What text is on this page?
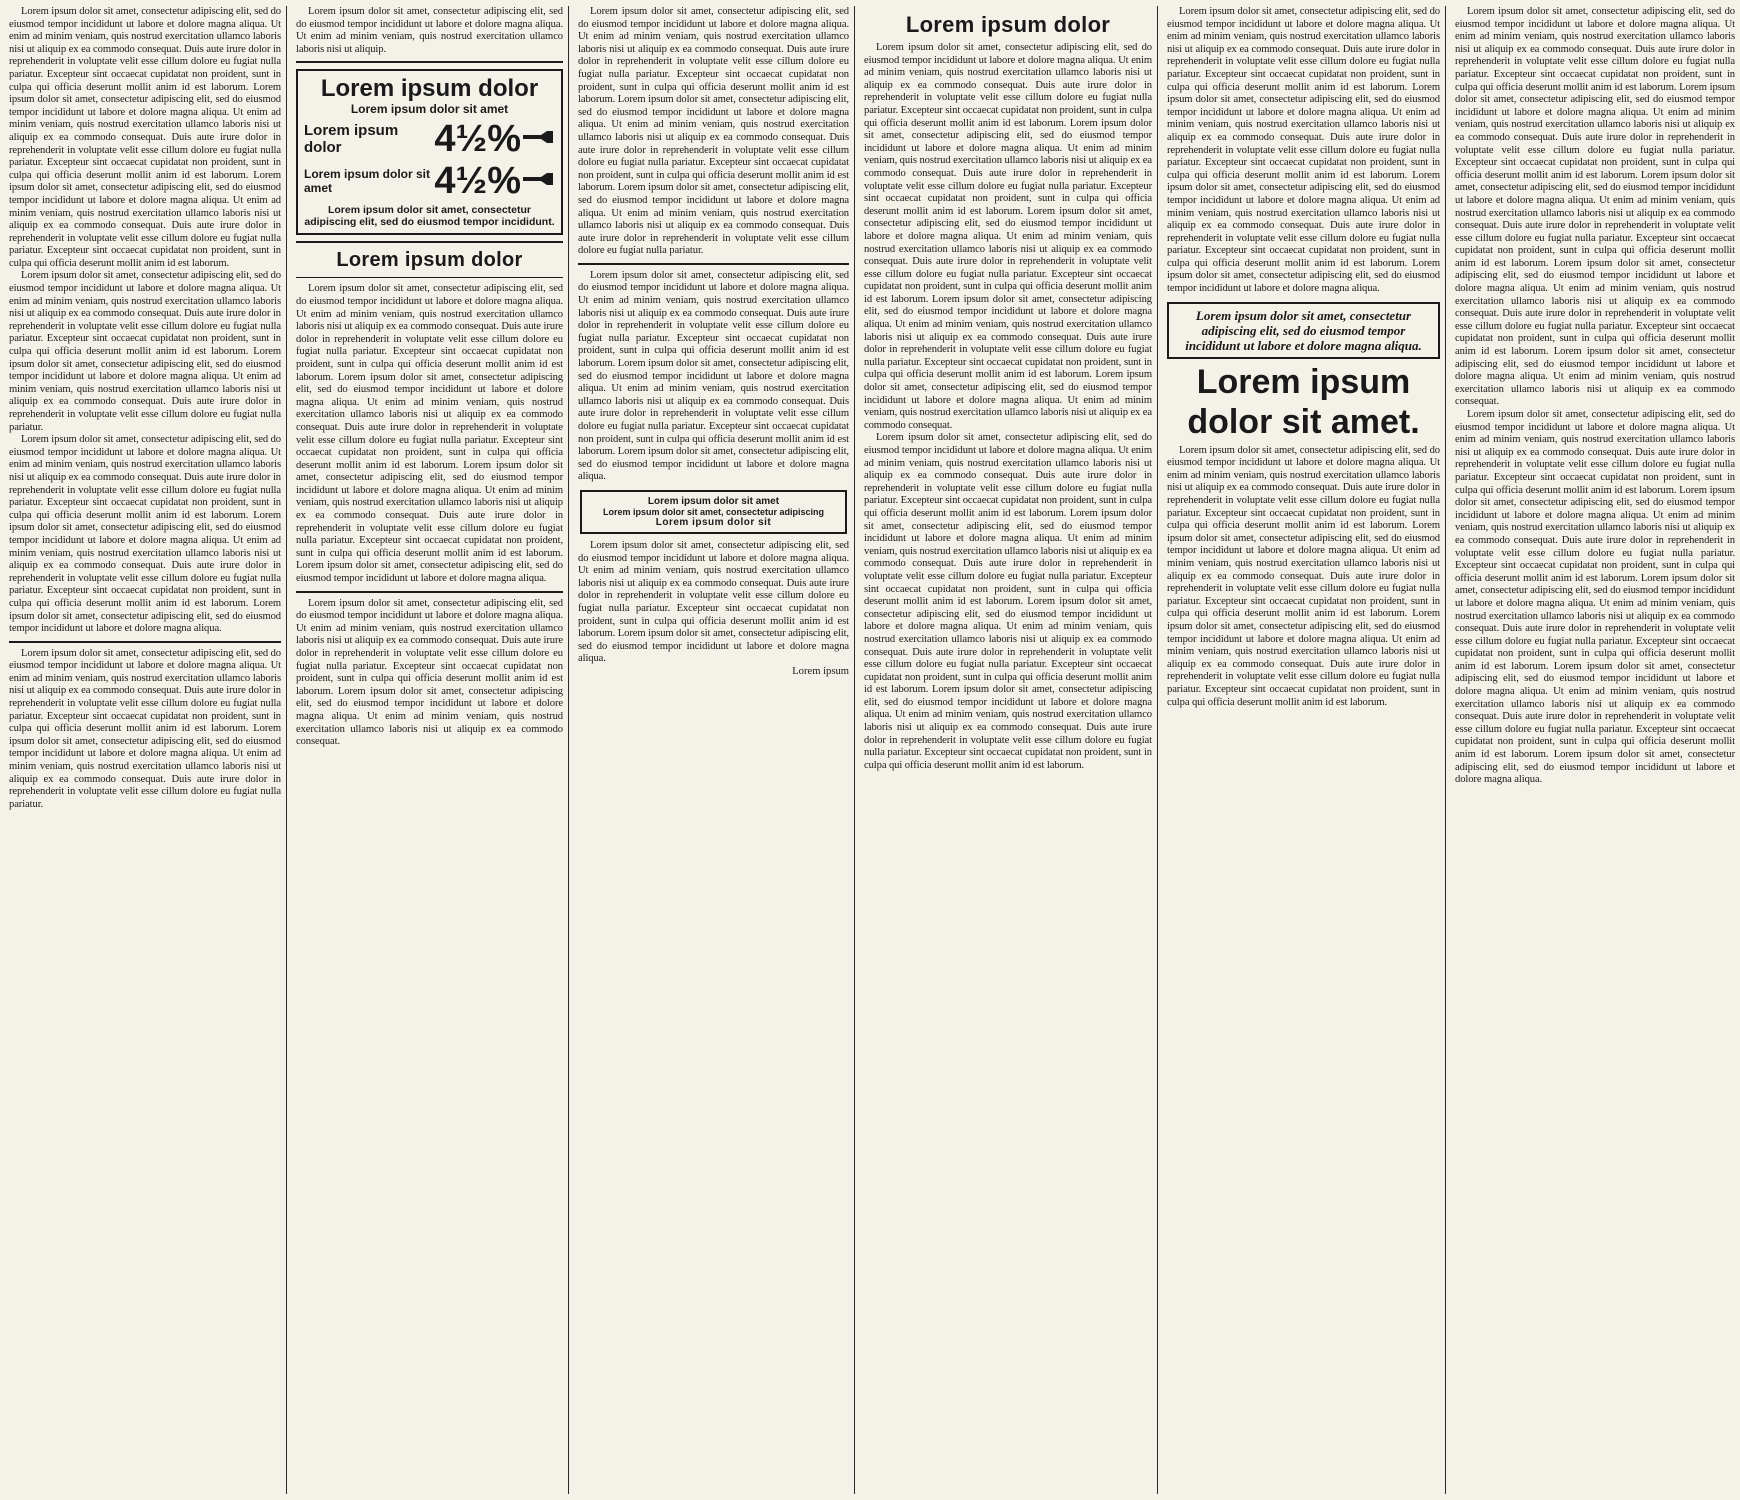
Lorem ipsum dolor sit amet, consectetur adipiscing elit, sed do eiusmod tempor incididunt ut labore et dolore magna aliqua. Ut enim ad minim veniam, quis nostrud exercitation ullamco laboris nisi ut aliquip ex ea commodo consequat. Duis aute irure dolor in reprehenderit in voluptate velit esse cillum dolore eu fugiat nulla pariatur. Excepteur sint occaecat cupidatat non proident, sunt in culpa qui officia deserunt mollit anim id est laborum. Lorem ipsum dolor sit amet, consectetur adipiscing elit, sed do eiusmod tempor incididunt ut labore et dolore magna aliqua. Ut enim ad minim veniam, quis nostrud exercitation ullamco laboris nisi ut aliquip ex ea commodo consequat. Duis aute irure dolor in reprehenderit in voluptate velit esse cillum dolore eu fugiat nulla pariatur. Excepteur sint occaecat cupidatat non proident, sunt in culpa qui officia deserunt mollit anim id est laborum. Lorem ipsum dolor sit amet, consectetur adipiscing elit, sed do eiusmod tempor incididunt ut labore et dolore magna aliqua. Ut enim ad minim veniam, quis nostrud exercitation ullamco laboris nisi ut aliquip ex ea commodo consequat. Duis aute irure dolor in reprehenderit in voluptate velit esse cillum dolore eu fugiat nulla pariatur. Excepteur sint occaecat cupidatat non proident, sunt in culpa qui officia deserunt mollit anim id est laborum.

Lorem ipsum dolor sit amet, consectetur adipiscing elit, sed do eiusmod tempor incididunt ut labore et dolore magna aliqua. Ut enim ad minim veniam, quis nostrud exercitation ullamco laboris nisi ut aliquip ex ea commodo consequat. Duis aute irure dolor in reprehenderit in voluptate velit esse cillum dolore eu fugiat nulla pariatur. Excepteur sint occaecat cupidatat non proident, sunt in culpa qui officia deserunt mollit anim id est laborum. Lorem ipsum dolor sit amet, consectetur adipiscing elit, sed do eiusmod tempor incididunt ut labore et dolore magna aliqua. Ut enim ad minim veniam, quis nostrud exercitation ullamco laboris nisi ut aliquip ex ea commodo consequat. Duis aute irure dolor in reprehenderit in voluptate velit esse cillum dolore eu fugiat nulla pariatur.

Lorem ipsum dolor sit amet, consectetur adipiscing elit, sed do eiusmod tempor incididunt ut labore et dolore magna aliqua. Ut enim ad minim veniam, quis nostrud exercitation ullamco laboris nisi ut aliquip ex ea commodo consequat. Duis aute irure dolor in reprehenderit in voluptate velit esse cillum dolore eu fugiat nulla pariatur. Excepteur sint occaecat cupidatat non proident, sunt in culpa qui officia deserunt mollit anim id est laborum. Lorem ipsum dolor sit amet, consectetur adipiscing elit, sed do eiusmod tempor incididunt ut labore et dolore magna aliqua. Ut enim ad minim veniam, quis nostrud exercitation ullamco laboris nisi ut aliquip ex ea commodo consequat. Duis aute irure dolor in reprehenderit in voluptate velit esse cillum dolore eu fugiat nulla pariatur. Excepteur sint occaecat cupidatat non proident, sunt in culpa qui officia deserunt mollit anim id est laborum. Lorem ipsum dolor sit amet, consectetur adipiscing elit, sed do eiusmod tempor incididunt ut labore et dolore magna aliqua.

Lorem ipsum dolor sit amet, consectetur adipiscing elit, sed do eiusmod tempor incididunt ut labore et dolore magna aliqua. Ut enim ad minim veniam, quis nostrud exercitation ullamco laboris nisi ut aliquip ex ea commodo consequat. Duis aute irure dolor in reprehenderit in voluptate velit esse cillum dolore eu fugiat nulla pariatur. Excepteur sint occaecat cupidatat non proident, sunt in culpa qui officia deserunt mollit anim id est laborum. Lorem ipsum dolor sit amet, consectetur adipiscing elit, sed do eiusmod tempor incididunt ut labore et dolore magna aliqua. Ut enim ad minim veniam, quis nostrud exercitation ullamco laboris nisi ut aliquip ex ea commodo consequat. Duis aute irure dolor in reprehenderit in voluptate velit esse cillum dolore eu fugiat nulla pariatur.

Lorem ipsum dolor sit amet, consectetur adipiscing elit, sed do eiusmod tempor incididunt ut labore et dolore magna aliqua. Ut enim ad minim veniam, quis nostrud exercitation ullamco laboris nisi ut aliquip.

Lorem ipsum dolor
Lorem ipsum dolor sit amet
Lorem ipsum dolor	4½%
Lorem ipsum dolor sit amet	4½%
Lorem ipsum dolor sit amet, consectetur adipiscing elit, sed do eiusmod tempor incididunt.
Lorem ipsum dolor

Lorem ipsum dolor sit amet, consectetur adipiscing elit, sed do eiusmod tempor incididunt ut labore et dolore magna aliqua. Ut enim ad minim veniam, quis nostrud exercitation ullamco laboris nisi ut aliquip ex ea commodo consequat. Duis aute irure dolor in reprehenderit in voluptate velit esse cillum dolore eu fugiat nulla pariatur. Excepteur sint occaecat cupidatat non proident, sunt in culpa qui officia deserunt mollit anim id est laborum. Lorem ipsum dolor sit amet, consectetur adipiscing elit, sed do eiusmod tempor incididunt ut labore et dolore magna aliqua. Ut enim ad minim veniam, quis nostrud exercitation ullamco laboris nisi ut aliquip ex ea commodo consequat. Duis aute irure dolor in reprehenderit in voluptate velit esse cillum dolore eu fugiat nulla pariatur. Excepteur sint occaecat cupidatat non proident, sunt in culpa qui officia deserunt mollit anim id est laborum. Lorem ipsum dolor sit amet, consectetur adipiscing elit, sed do eiusmod tempor incididunt ut labore et dolore magna aliqua. Ut enim ad minim veniam, quis nostrud exercitation ullamco laboris nisi ut aliquip ex ea commodo consequat. Duis aute irure dolor in reprehenderit in voluptate velit esse cillum dolore eu fugiat nulla pariatur. Excepteur sint occaecat cupidatat non proident, sunt in culpa qui officia deserunt mollit anim id est laborum. Lorem ipsum dolor sit amet, consectetur adipiscing elit, sed do eiusmod tempor incididunt ut labore et dolore magna aliqua.

Lorem ipsum dolor sit amet, consectetur adipiscing elit, sed do eiusmod tempor incididunt ut labore et dolore magna aliqua. Ut enim ad minim veniam, quis nostrud exercitation ullamco laboris nisi ut aliquip ex ea commodo consequat. Duis aute irure dolor in reprehenderit in voluptate velit esse cillum dolore eu fugiat nulla pariatur. Excepteur sint occaecat cupidatat non proident, sunt in culpa qui officia deserunt mollit anim id est laborum. Lorem ipsum dolor sit amet, consectetur adipiscing elit, sed do eiusmod tempor incididunt ut labore et dolore magna aliqua. Ut enim ad minim veniam, quis nostrud exercitation ullamco laboris nisi ut aliquip ex ea commodo consequat.

Lorem ipsum dolor sit amet, consectetur adipiscing elit, sed do eiusmod tempor incididunt ut labore et dolore magna aliqua. Ut enim ad minim veniam, quis nostrud exercitation ullamco laboris nisi ut aliquip ex ea commodo consequat. Duis aute irure dolor in reprehenderit in voluptate velit esse cillum dolore eu fugiat nulla pariatur. Excepteur sint occaecat cupidatat non proident, sunt in culpa qui officia deserunt mollit anim id est laborum. Lorem ipsum dolor sit amet, consectetur adipiscing elit, sed do eiusmod tempor incididunt ut labore et dolore magna aliqua. Ut enim ad minim veniam, quis nostrud exercitation ullamco laboris nisi ut aliquip ex ea commodo consequat. Duis aute irure dolor in reprehenderit in voluptate velit esse cillum dolore eu fugiat nulla pariatur. Excepteur sint occaecat cupidatat non proident, sunt in culpa qui officia deserunt mollit anim id est laborum. Lorem ipsum dolor sit amet, consectetur adipiscing elit, sed do eiusmod tempor incididunt ut labore et dolore magna aliqua. Ut enim ad minim veniam, quis nostrud exercitation ullamco laboris nisi ut aliquip ex ea commodo consequat. Duis aute irure dolor in reprehenderit in voluptate velit esse cillum dolore eu fugiat nulla pariatur.

Lorem ipsum dolor sit amet, consectetur adipiscing elit, sed do eiusmod tempor incididunt ut labore et dolore magna aliqua. Ut enim ad minim veniam, quis nostrud exercitation ullamco laboris nisi ut aliquip ex ea commodo consequat. Duis aute irure dolor in reprehenderit in voluptate velit esse cillum dolore eu fugiat nulla pariatur. Excepteur sint occaecat cupidatat non proident, sunt in culpa qui officia deserunt mollit anim id est laborum. Lorem ipsum dolor sit amet, consectetur adipiscing elit, sed do eiusmod tempor incididunt ut labore et dolore magna aliqua. Ut enim ad minim veniam, quis nostrud exercitation ullamco laboris nisi ut aliquip ex ea commodo consequat. Duis aute irure dolor in reprehenderit in voluptate velit esse cillum dolore eu fugiat nulla pariatur. Excepteur sint occaecat cupidatat non proident, sunt in culpa qui officia deserunt mollit anim id est laborum. Lorem ipsum dolor sit amet, consectetur adipiscing elit, sed do eiusmod tempor incididunt ut labore et dolore magna aliqua.

Lorem ipsum dolor sit amet
Lorem ipsum dolor sit amet, consectetur adipiscing
Lorem ipsum dolor sit

Lorem ipsum dolor sit amet, consectetur adipiscing elit, sed do eiusmod tempor incididunt ut labore et dolore magna aliqua. Ut enim ad minim veniam, quis nostrud exercitation ullamco laboris nisi ut aliquip ex ea commodo consequat. Duis aute irure dolor in reprehenderit in voluptate velit esse cillum dolore eu fugiat nulla pariatur. Excepteur sint occaecat cupidatat non proident, sunt in culpa qui officia deserunt mollit anim id est laborum. Lorem ipsum dolor sit amet, consectetur adipiscing elit, sed do eiusmod tempor incididunt ut labore et dolore magna aliqua.

Lorem ipsum
Lorem ipsum dolor

Lorem ipsum dolor sit amet, consectetur adipiscing elit, sed do eiusmod tempor incididunt ut labore et dolore magna aliqua. Ut enim ad minim veniam, quis nostrud exercitation ullamco laboris nisi ut aliquip ex ea commodo consequat. Duis aute irure dolor in reprehenderit in voluptate velit esse cillum dolore eu fugiat nulla pariatur. Excepteur sint occaecat cupidatat non proident, sunt in culpa qui officia deserunt mollit anim id est laborum. Lorem ipsum dolor sit amet, consectetur adipiscing elit, sed do eiusmod tempor incididunt ut labore et dolore magna aliqua. Ut enim ad minim veniam, quis nostrud exercitation ullamco laboris nisi ut aliquip ex ea commodo consequat. Duis aute irure dolor in reprehenderit in voluptate velit esse cillum dolore eu fugiat nulla pariatur. Excepteur sint occaecat cupidatat non proident, sunt in culpa qui officia deserunt mollit anim id est laborum. Lorem ipsum dolor sit amet, consectetur adipiscing elit, sed do eiusmod tempor incididunt ut labore et dolore magna aliqua. Ut enim ad minim veniam, quis nostrud exercitation ullamco laboris nisi ut aliquip ex ea commodo consequat. Duis aute irure dolor in reprehenderit in voluptate velit esse cillum dolore eu fugiat nulla pariatur. Excepteur sint occaecat cupidatat non proident, sunt in culpa qui officia deserunt mollit anim id est laborum. Lorem ipsum dolor sit amet, consectetur adipiscing elit, sed do eiusmod tempor incididunt ut labore et dolore magna aliqua. Ut enim ad minim veniam, quis nostrud exercitation ullamco laboris nisi ut aliquip ex ea commodo consequat. Duis aute irure dolor in reprehenderit in voluptate velit esse cillum dolore eu fugiat nulla pariatur. Excepteur sint occaecat cupidatat non proident, sunt in culpa qui officia deserunt mollit anim id est laborum. Lorem ipsum dolor sit amet, consectetur adipiscing elit, sed do eiusmod tempor incididunt ut labore et dolore magna aliqua. Ut enim ad minim veniam, quis nostrud exercitation ullamco laboris nisi ut aliquip ex ea commodo consequat.

Lorem ipsum dolor sit amet, consectetur adipiscing elit, sed do eiusmod tempor incididunt ut labore et dolore magna aliqua. Ut enim ad minim veniam, quis nostrud exercitation ullamco laboris nisi ut aliquip ex ea commodo consequat. Duis aute irure dolor in reprehenderit in voluptate velit esse cillum dolore eu fugiat nulla pariatur. Excepteur sint occaecat cupidatat non proident, sunt in culpa qui officia deserunt mollit anim id est laborum. Lorem ipsum dolor sit amet, consectetur adipiscing elit, sed do eiusmod tempor incididunt ut labore et dolore magna aliqua. Ut enim ad minim veniam, quis nostrud exercitation ullamco laboris nisi ut aliquip ex ea commodo consequat. Duis aute irure dolor in reprehenderit in voluptate velit esse cillum dolore eu fugiat nulla pariatur. Excepteur sint occaecat cupidatat non proident, sunt in culpa qui officia deserunt mollit anim id est laborum. Lorem ipsum dolor sit amet, consectetur adipiscing elit, sed do eiusmod tempor incididunt ut labore et dolore magna aliqua. Ut enim ad minim veniam, quis nostrud exercitation ullamco laboris nisi ut aliquip ex ea commodo consequat. Duis aute irure dolor in reprehenderit in voluptate velit esse cillum dolore eu fugiat nulla pariatur. Excepteur sint occaecat cupidatat non proident, sunt in culpa qui officia deserunt mollit anim id est laborum. Lorem ipsum dolor sit amet, consectetur adipiscing elit, sed do eiusmod tempor incididunt ut labore et dolore magna aliqua. Ut enim ad minim veniam, quis nostrud exercitation ullamco laboris nisi ut aliquip ex ea commodo consequat. Duis aute irure dolor in reprehenderit in voluptate velit esse cillum dolore eu fugiat nulla pariatur. Excepteur sint occaecat cupidatat non proident, sunt in culpa qui officia deserunt mollit anim id est laborum.

Lorem ipsum dolor sit amet, consectetur adipiscing elit, sed do eiusmod tempor incididunt ut labore et dolore magna aliqua. Ut enim ad minim veniam, quis nostrud exercitation ullamco laboris nisi ut aliquip ex ea commodo consequat. Duis aute irure dolor in reprehenderit in voluptate velit esse cillum dolore eu fugiat nulla pariatur. Excepteur sint occaecat cupidatat non proident, sunt in culpa qui officia deserunt mollit anim id est laborum. Lorem ipsum dolor sit amet, consectetur adipiscing elit, sed do eiusmod tempor incididunt ut labore et dolore magna aliqua. Ut enim ad minim veniam, quis nostrud exercitation ullamco laboris nisi ut aliquip ex ea commodo consequat. Duis aute irure dolor in reprehenderit in voluptate velit esse cillum dolore eu fugiat nulla pariatur. Excepteur sint occaecat cupidatat non proident, sunt in culpa qui officia deserunt mollit anim id est laborum. Lorem ipsum dolor sit amet, consectetur adipiscing elit, sed do eiusmod tempor incididunt ut labore et dolore magna aliqua. Ut enim ad minim veniam, quis nostrud exercitation ullamco laboris nisi ut aliquip ex ea commodo consequat. Duis aute irure dolor in reprehenderit in voluptate velit esse cillum dolore eu fugiat nulla pariatur. Excepteur sint occaecat cupidatat non proident, sunt in culpa qui officia deserunt mollit anim id est laborum. Lorem ipsum dolor sit amet, consectetur adipiscing elit, sed do eiusmod tempor incididunt ut labore et dolore magna aliqua.

Lorem ipsum dolor sit amet, consectetur adipiscing elit, sed do eiusmod tempor incididunt ut labore et dolore magna aliqua.
Lorem ipsum
dolor sit amet.

Lorem ipsum dolor sit amet, consectetur adipiscing elit, sed do eiusmod tempor incididunt ut labore et dolore magna aliqua. Ut enim ad minim veniam, quis nostrud exercitation ullamco laboris nisi ut aliquip ex ea commodo consequat. Duis aute irure dolor in reprehenderit in voluptate velit esse cillum dolore eu fugiat nulla pariatur. Excepteur sint occaecat cupidatat non proident, sunt in culpa qui officia deserunt mollit anim id est laborum. Lorem ipsum dolor sit amet, consectetur adipiscing elit, sed do eiusmod tempor incididunt ut labore et dolore magna aliqua. Ut enim ad minim veniam, quis nostrud exercitation ullamco laboris nisi ut aliquip ex ea commodo consequat. Duis aute irure dolor in reprehenderit in voluptate velit esse cillum dolore eu fugiat nulla pariatur. Excepteur sint occaecat cupidatat non proident, sunt in culpa qui officia deserunt mollit anim id est laborum. Lorem ipsum dolor sit amet, consectetur adipiscing elit, sed do eiusmod tempor incididunt ut labore et dolore magna aliqua. Ut enim ad minim veniam, quis nostrud exercitation ullamco laboris nisi ut aliquip ex ea commodo consequat. Duis aute irure dolor in reprehenderit in voluptate velit esse cillum dolore eu fugiat nulla pariatur. Excepteur sint occaecat cupidatat non proident, sunt in culpa qui officia deserunt mollit anim id est laborum.

Lorem ipsum dolor sit amet, consectetur adipiscing elit, sed do eiusmod tempor incididunt ut labore et dolore magna aliqua. Ut enim ad minim veniam, quis nostrud exercitation ullamco laboris nisi ut aliquip ex ea commodo consequat. Duis aute irure dolor in reprehenderit in voluptate velit esse cillum dolore eu fugiat nulla pariatur. Excepteur sint occaecat cupidatat non proident, sunt in culpa qui officia deserunt mollit anim id est laborum. Lorem ipsum dolor sit amet, consectetur adipiscing elit, sed do eiusmod tempor incididunt ut labore et dolore magna aliqua. Ut enim ad minim veniam, quis nostrud exercitation ullamco laboris nisi ut aliquip ex ea commodo consequat. Duis aute irure dolor in reprehenderit in voluptate velit esse cillum dolore eu fugiat nulla pariatur. Excepteur sint occaecat cupidatat non proident, sunt in culpa qui officia deserunt mollit anim id est laborum. Lorem ipsum dolor sit amet, consectetur adipiscing elit, sed do eiusmod tempor incididunt ut labore et dolore magna aliqua. Ut enim ad minim veniam, quis nostrud exercitation ullamco laboris nisi ut aliquip ex ea commodo consequat. Duis aute irure dolor in reprehenderit in voluptate velit esse cillum dolore eu fugiat nulla pariatur. Excepteur sint occaecat cupidatat non proident, sunt in culpa qui officia deserunt mollit anim id est laborum. Lorem ipsum dolor sit amet, consectetur adipiscing elit, sed do eiusmod tempor incididunt ut labore et dolore magna aliqua. Ut enim ad minim veniam, quis nostrud exercitation ullamco laboris nisi ut aliquip ex ea commodo consequat. Duis aute irure dolor in reprehenderit in voluptate velit esse cillum dolore eu fugiat nulla pariatur. Excepteur sint occaecat cupidatat non proident, sunt in culpa qui officia deserunt mollit anim id est laborum. Lorem ipsum dolor sit amet, consectetur adipiscing elit, sed do eiusmod tempor incididunt ut labore et dolore magna aliqua. Ut enim ad minim veniam, quis nostrud exercitation ullamco laboris nisi ut aliquip ex ea commodo consequat.

Lorem ipsum dolor sit amet, consectetur adipiscing elit, sed do eiusmod tempor incididunt ut labore et dolore magna aliqua. Ut enim ad minim veniam, quis nostrud exercitation ullamco laboris nisi ut aliquip ex ea commodo consequat. Duis aute irure dolor in reprehenderit in voluptate velit esse cillum dolore eu fugiat nulla pariatur. Excepteur sint occaecat cupidatat non proident, sunt in culpa qui officia deserunt mollit anim id est laborum. Lorem ipsum dolor sit amet, consectetur adipiscing elit, sed do eiusmod tempor incididunt ut labore et dolore magna aliqua. Ut enim ad minim veniam, quis nostrud exercitation ullamco laboris nisi ut aliquip ex ea commodo consequat. Duis aute irure dolor in reprehenderit in voluptate velit esse cillum dolore eu fugiat nulla pariatur. Excepteur sint occaecat cupidatat non proident, sunt in culpa qui officia deserunt mollit anim id est laborum. Lorem ipsum dolor sit amet, consectetur adipiscing elit, sed do eiusmod tempor incididunt ut labore et dolore magna aliqua. Ut enim ad minim veniam, quis nostrud exercitation ullamco laboris nisi ut aliquip ex ea commodo consequat. Duis aute irure dolor in reprehenderit in voluptate velit esse cillum dolore eu fugiat nulla pariatur. Excepteur sint occaecat cupidatat non proident, sunt in culpa qui officia deserunt mollit anim id est laborum. Lorem ipsum dolor sit amet, consectetur adipiscing elit, sed do eiusmod tempor incididunt ut labore et dolore magna aliqua. Ut enim ad minim veniam, quis nostrud exercitation ullamco laboris nisi ut aliquip ex ea commodo consequat. Duis aute irure dolor in reprehenderit in voluptate velit esse cillum dolore eu fugiat nulla pariatur. Excepteur sint occaecat cupidatat non proident, sunt in culpa qui officia deserunt mollit anim id est laborum. Lorem ipsum dolor sit amet, consectetur adipiscing elit, sed do eiusmod tempor incididunt ut labore et dolore magna aliqua.
